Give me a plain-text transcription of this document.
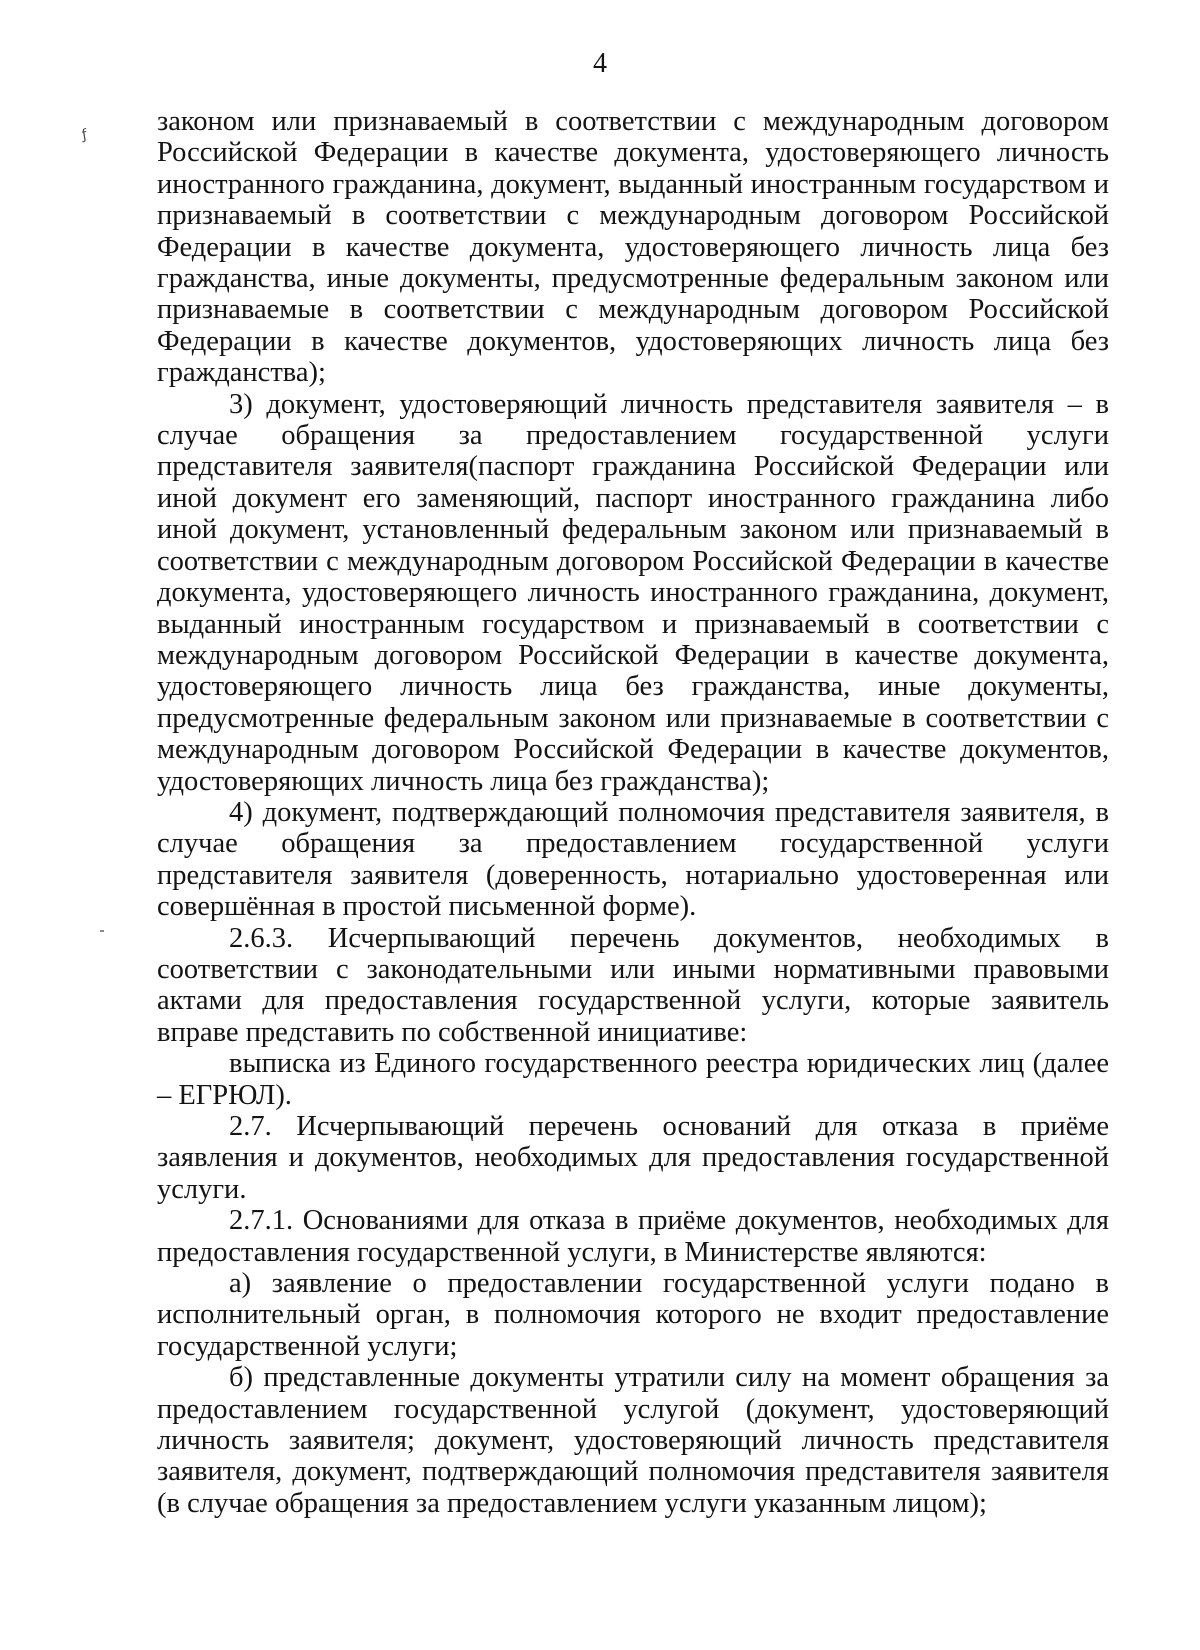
4
ƒ законом или признаваемый в соответствии с международным договором Российской Федерации в качестве документа, удостоверяющего личность иностранного гражданина, документ, выданный иностранным государством и признаваемый в соответствии с международным договором Российской Федерации в качестве документа, удостоверяющего личность лица без гражданства, иные документы, предусмотренные федеральным законом или признаваемые в соответствии с международным договором Российской Федерации в качестве документов, удостоверяющих личность лица без гражданства);

3) документ, удостоверяющий личность представителя заявителя – в случае обращения за предоставлением государственной услуги представителя заявителя(паспорт гражданина Российской Федерации или иной документ его заменяющий, паспорт иностранного гражданина либо иной документ, установленный федеральным законом или признаваемый в соответствии с международным договором Российской Федерации в качестве документа, удостоверяющего личность иностранного гражданина, документ, выданный иностранным государством и признаваемый в соответствии с международным договором Российской Федерации в качестве документа, удостоверяющего личность лица без гражданства, иные документы, предусмотренные федеральным законом или признаваемые в соответствии с международным договором Российской Федерации в качестве документов, удостоверяющих личность лица без гражданства);

4) документ, подтверждающий полномочия представителя заявителя, в случае обращения за предоставлением государственной услуги представителя заявителя (доверенность, нотариально удостоверенная или совершённая в простой письменной форме).

2.6.3. Исчерпывающий перечень документов, необходимых в соответствии с законодательными или иными нормативными правовыми актами для предоставления государственной услуги, которые заявитель вправе представить по собственной инициативе:

выписка из Единого государственного реестра юридических лиц (далее – ЕГРЮЛ).

2.7. Исчерпывающий перечень оснований для отказа в приёме заявления и документов, необходимых для предоставления государственной услуги.

2.7.1. Основаниями для отказа в приёме документов, необходимых для предоставления государственной услуги, в Министерстве являются:

а) заявление о предоставлении государственной услуги подано в исполнительный орган, в полномочия которого не входит предоставление государственной услуги;

б) представленные документы утратили силу на момент обращения за предоставлением государственной услугой (документ, удостоверяющий личность заявителя; документ, удостоверяющий личность представителя заявителя, документ, подтверждающий полномочия представителя заявителя (в случае обращения за предоставлением услуги указанным лицом);
